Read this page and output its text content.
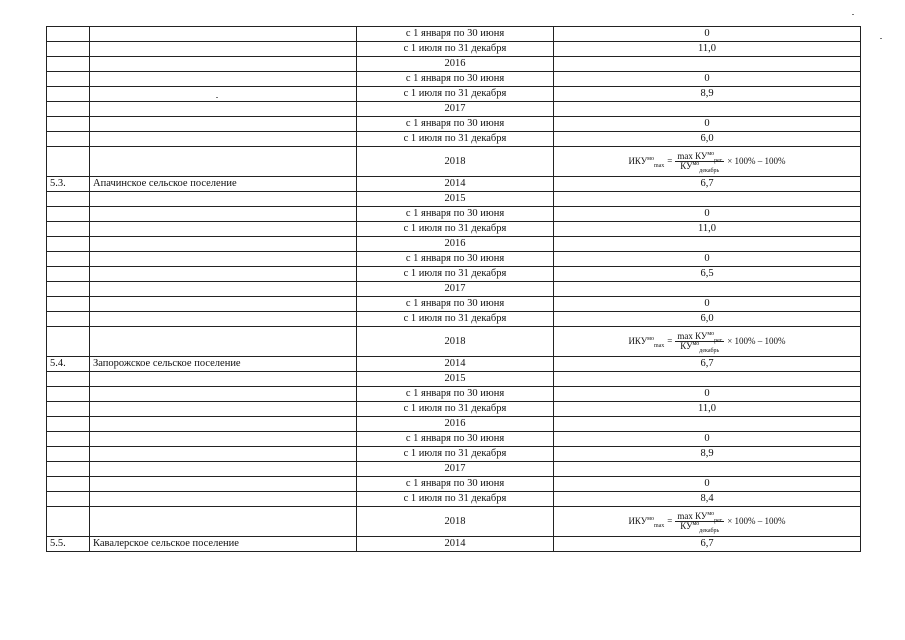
		с 1 января по 30 июня	0
		с 1 июля по 31 декабря	11,0
		2016	
		с 1 января по 30 июня	0
		с 1 июля по 31 декабря	8,9
		2017	
		с 1 января по 30 июня	0
		с 1 июля по 31 декабря	6,0
		2018	$ИКУ^{мо}_{max} = \frac{\max КУ^{мо}_{рег}}{КУ^{мо}_{декабрь}} \times 100\% - 100\%$

5.3.	Апачинское сельское поселение	2014	6,7
		2015	
		с 1 января по 30 июня	0
		с 1 июля по 31 декабря	11,0
		2016	
		с 1 января по 30 июня	0
		с 1 июля по 31 декабря	6,5
		2017	
		с 1 января по 30 июня	0
		с 1 июля по 31 декабря	6,0
		2018	$ИКУ^{мо}_{max} = \frac{\max КУ^{мо}_{рег}}{КУ^{мо}_{декабрь}} \times 100\% - 100\%$

5.4.	Запорожское сельское поселение	2014	6,7
		2015	
		с 1 января по 30 июня	0
		с 1 июля по 31 декабря	11,0
		2016	
		с 1 января по 30 июня	0
		с 1 июля по 31 декабря	8,9
		2017	
		с 1 января по 30 июня	0
		с 1 июля по 31 декабря	8,4
		2018	$ИКУ^{мо}_{max} = \frac{\max КУ^{мо}_{рег}}{КУ^{мо}_{декабрь}} \times 100\% - 100\%$

5.5.	Кавалерское сельское поселение	2014	6,7
